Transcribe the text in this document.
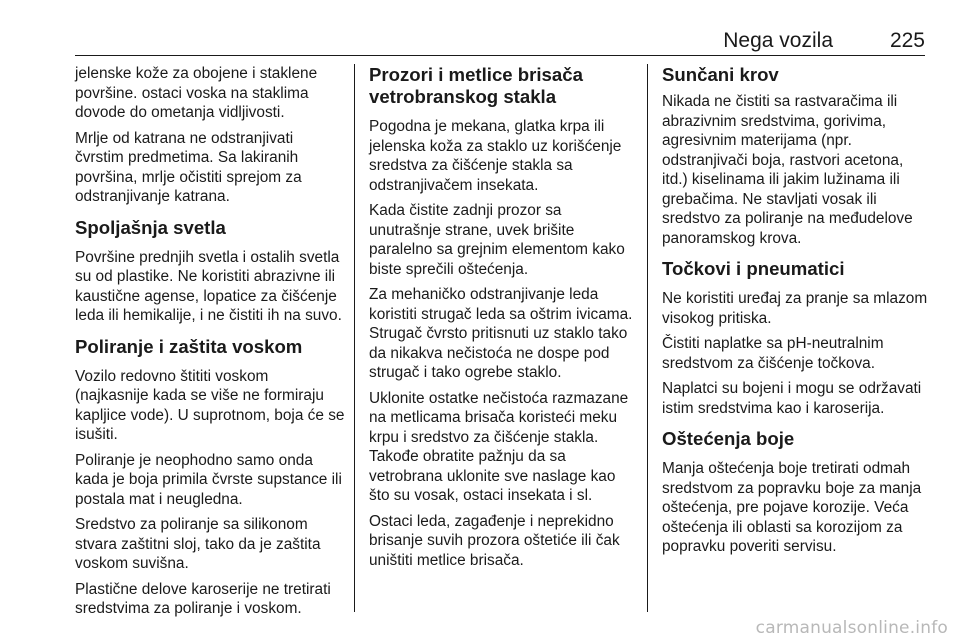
Nega vozila	225

jelenske kože za obojene i staklene površine. ostaci voska na staklima dovode do ometanja vidljivosti.

Mrlje od katrana ne odstranjivati čvrstim predmetima. Sa lakiranih površina, mrlje očistiti sprejom za odstranjivanje katrana.

Spoljašnja svetla

Površine prednjih svetla i ostalih svetla su od plastike. Ne koristiti abrazivne ili kaustične agense, lopatice za čišćenje leda ili hemikalije, i ne čistiti ih na suvo.

Poliranje i zaštita voskom

Vozilo redovno štititi voskom (najkasnije kada se više ne formiraju kapljice vode). U suprotnom, boja će se isušiti.

Poliranje je neophodno samo onda kada je boja primila čvrste supstance ili postala mat i neugledna.

Sredstvo za poliranje sa silikonom stvara zaštitni sloj, tako da je zaštita voskom suvišna.

Plastične delove karoserije ne tretirati sredstvima za poliranje i voskom.

Prozori i metlice brisača vetrobranskog stakla

Pogodna je mekana, glatka krpa ili jelenska koža za staklo uz korišćenje sredstva za čišćenje stakla sa odstranjivačem insekata.

Kada čistite zadnji prozor sa unutrašnje strane, uvek brišite paralelno sa grejnim elementom kako biste sprečili oštećenja.

Za mehaničko odstranjivanje leda koristiti strugač leda sa oštrim ivicama. Strugač čvrsto pritisnuti uz staklo tako da nikakva nečistoća ne dospe pod strugač i tako ogrebe staklo.

Uklonite ostatke nečistoća razmazane na metlicama brisača koristeći meku krpu i sredstvo za čišćenje stakla. Takođe obratite pažnju da sa vetrobrana uklonite sve naslage kao što su vosak, ostaci insekata i sl.

Ostaci leda, zagađenje i neprekidno brisanje suvih prozora oštetiće ili čak uništiti metlice brisača.

Sunčani krov

Nikada ne čistiti sa rastvaračima ili abrazivnim sredstvima, gorivima, agresivnim materijama (npr. odstranjivači boja, rastvori acetona, itd.) kiselinama ili jakim lužinama ili grebačima. Ne stavljati vosak ili sredstvo za poliranje na međudelove panoramskog krova.

Točkovi i pneumatici

Ne koristiti uređaj za pranje sa mlazom visokog pritiska.

Čistiti naplatke sa pH-neutralnim sredstvom za čišćenje točkova.

Naplatci su bojeni i mogu se održavati istim sredstvima kao i karoserija.

Oštećenja boje

Manja oštećenja boje tretirati odmah sredstvom za popravku boje za manja oštećenja, pre pojave korozije. Veća oštećenja ili oblasti sa korozijom za popravku poveriti servisu.

carmanualsonline.info
